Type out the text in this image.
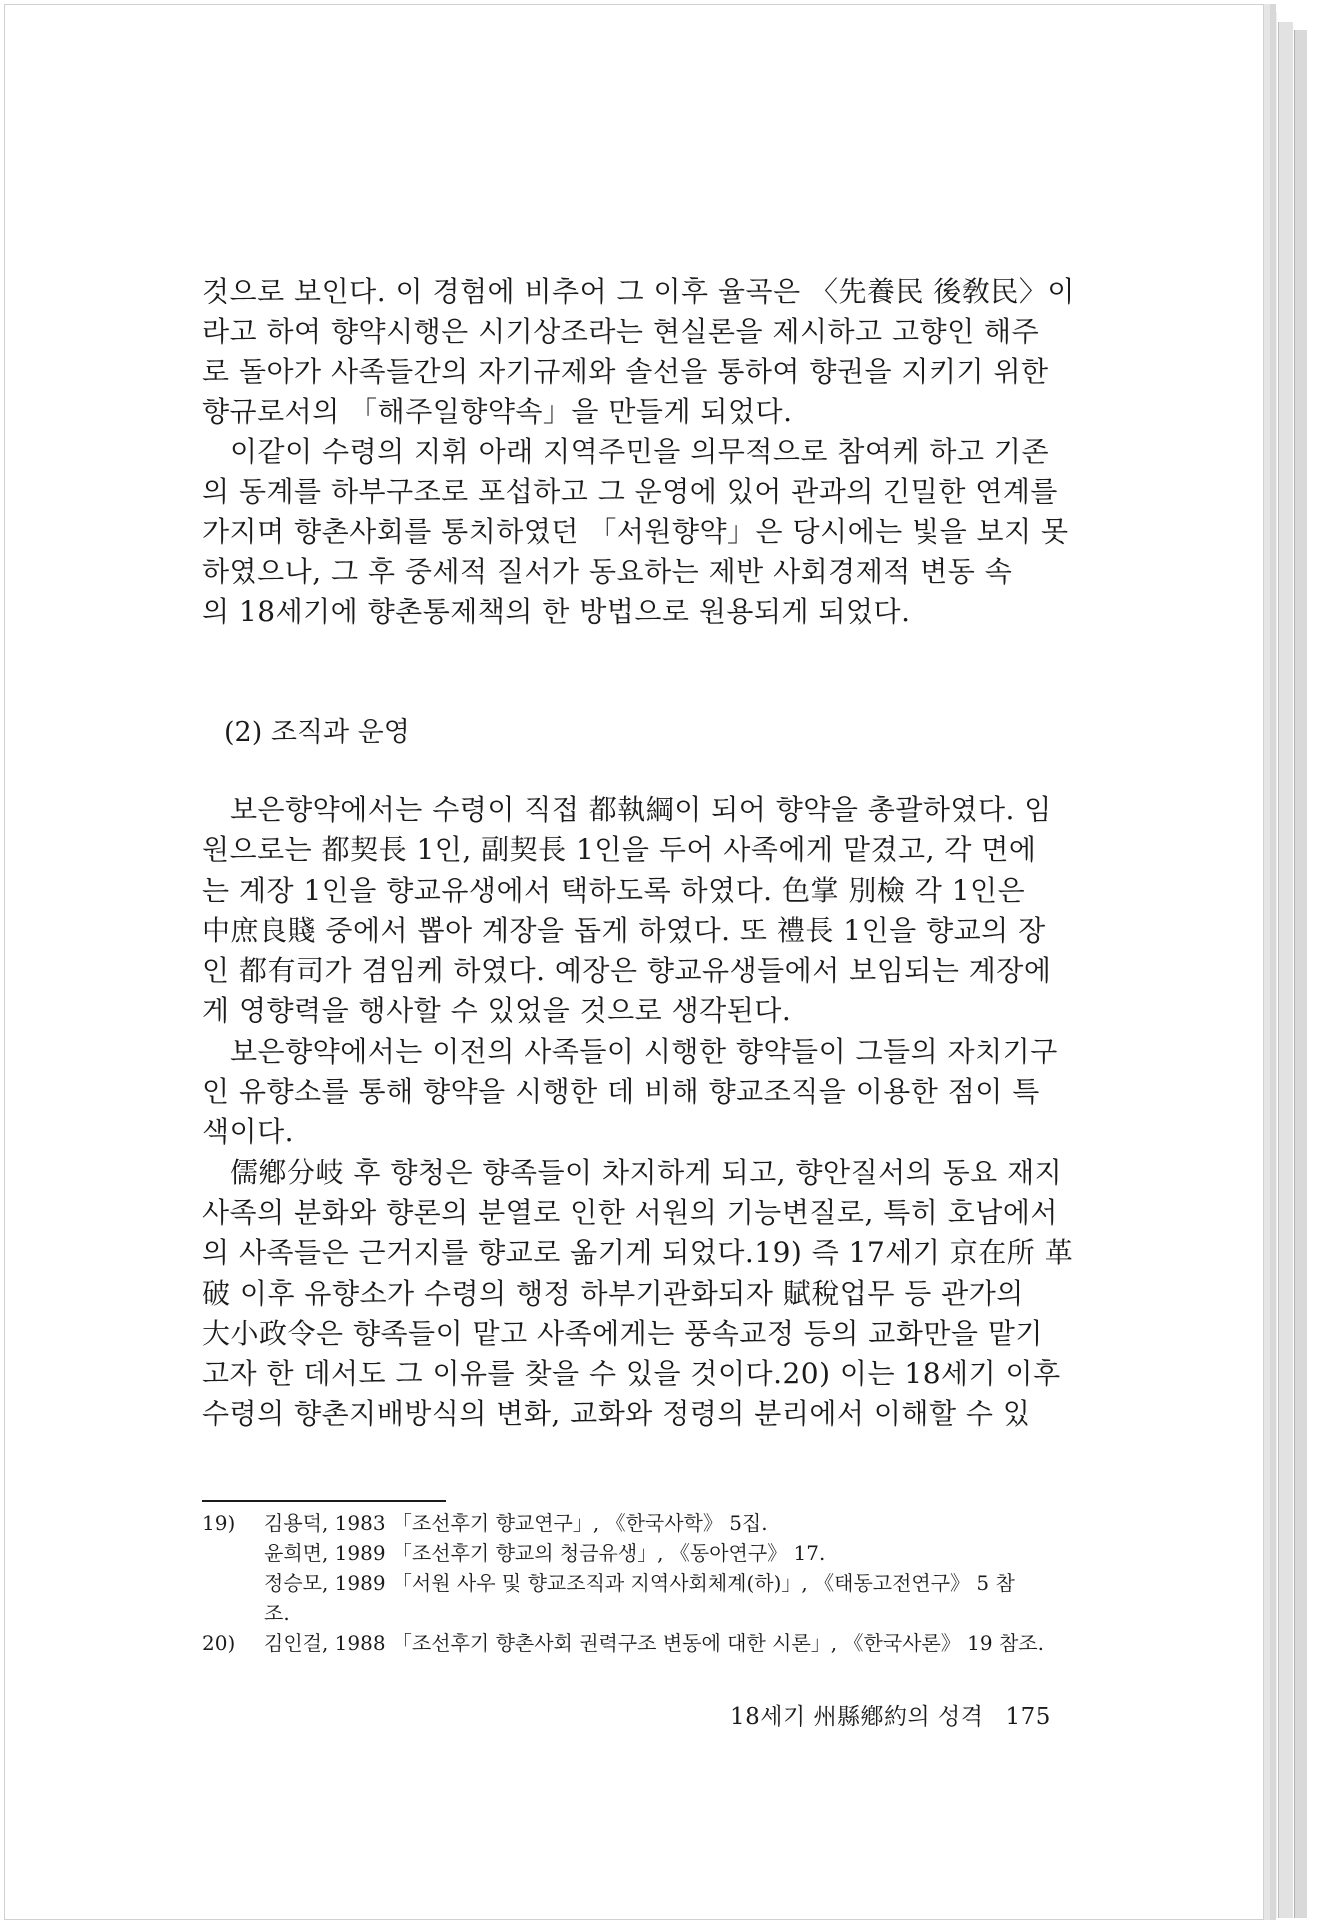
것으로 보인다. 이 경험에 비추어 그 이후 율곡은 〈先養民 後敎民〉이

라고 하여 향약시행은 시기상조라는 현실론을 제시하고 고향인 해주

로 돌아가 사족들간의 자기규제와 솔선을 통하여 향권을 지키기 위한

향규로서의 「해주일향약속」을 만들게 되었다.

이같이 수령의 지휘 아래 지역주민을 의무적으로 참여케 하고 기존

의 동계를 하부구조로 포섭하고 그 운영에 있어 관과의 긴밀한 연계를

가지며 향촌사회를 통치하였던 「서원향약」은 당시에는 빛을 보지 못

하였으나, 그 후 중세적 질서가 동요하는 제반 사회경제적 변동 속

의 18세기에 향촌통제책의 한 방법으로 원용되게 되었다.

(2) 조직과 운영

보은향약에서는 수령이 직접 都執綱이 되어 향약을 총괄하였다. 임

원으로는 都契長 1인, 副契長 1인을 두어 사족에게 맡겼고, 각 면에

는 계장 1인을 향교유생에서 택하도록 하였다. 色掌 別檢 각 1인은

中庶良賤 중에서 뽑아 계장을 돕게 하였다. 또 禮長 1인을 향교의 장

인 都有司가 겸임케 하였다. 예장은 향교유생들에서 보임되는 계장에

게 영향력을 행사할 수 있었을 것으로 생각된다.

보은향약에서는 이전의 사족들이 시행한 향약들이 그들의 자치기구

인 유향소를 통해 향약을 시행한 데 비해 향교조직을 이용한 점이 특

색이다.

儒鄕分岐 후 향청은 향족들이 차지하게 되고, 향안질서의 동요 재지

사족의 분화와 향론의 분열로 인한 서원의 기능변질로, 특히 호남에서

의 사족들은 근거지를 향교로 옮기게 되었다.19) 즉 17세기 京在所 革

破 이후 유향소가 수령의 행정 하부기관화되자 賦稅업무 등 관가의

大小政令은 향족들이 맡고 사족에게는 풍속교정 등의 교화만을 맡기

고자 한 데서도 그 이유를 찾을 수 있을 것이다.20) 이는 18세기 이후

수령의 향촌지배방식의 변화, 교화와 정령의 분리에서 이해할 수 있

19) 김용덕, 1983 「조선후기 향교연구」, 《한국사학》 5집.

윤희면, 1989 「조선후기 향교의 청금유생」, 《동아연구》 17.

정승모, 1989 「서원 사우 및 향교조직과 지역사회체계(하)」, 《태동고전연구》 5 참

조.

20) 김인걸, 1988 「조선후기 향촌사회 권력구조 변동에 대한 시론」, 《한국사론》 19 참조.

18세기 州縣鄕約의 성격 175
